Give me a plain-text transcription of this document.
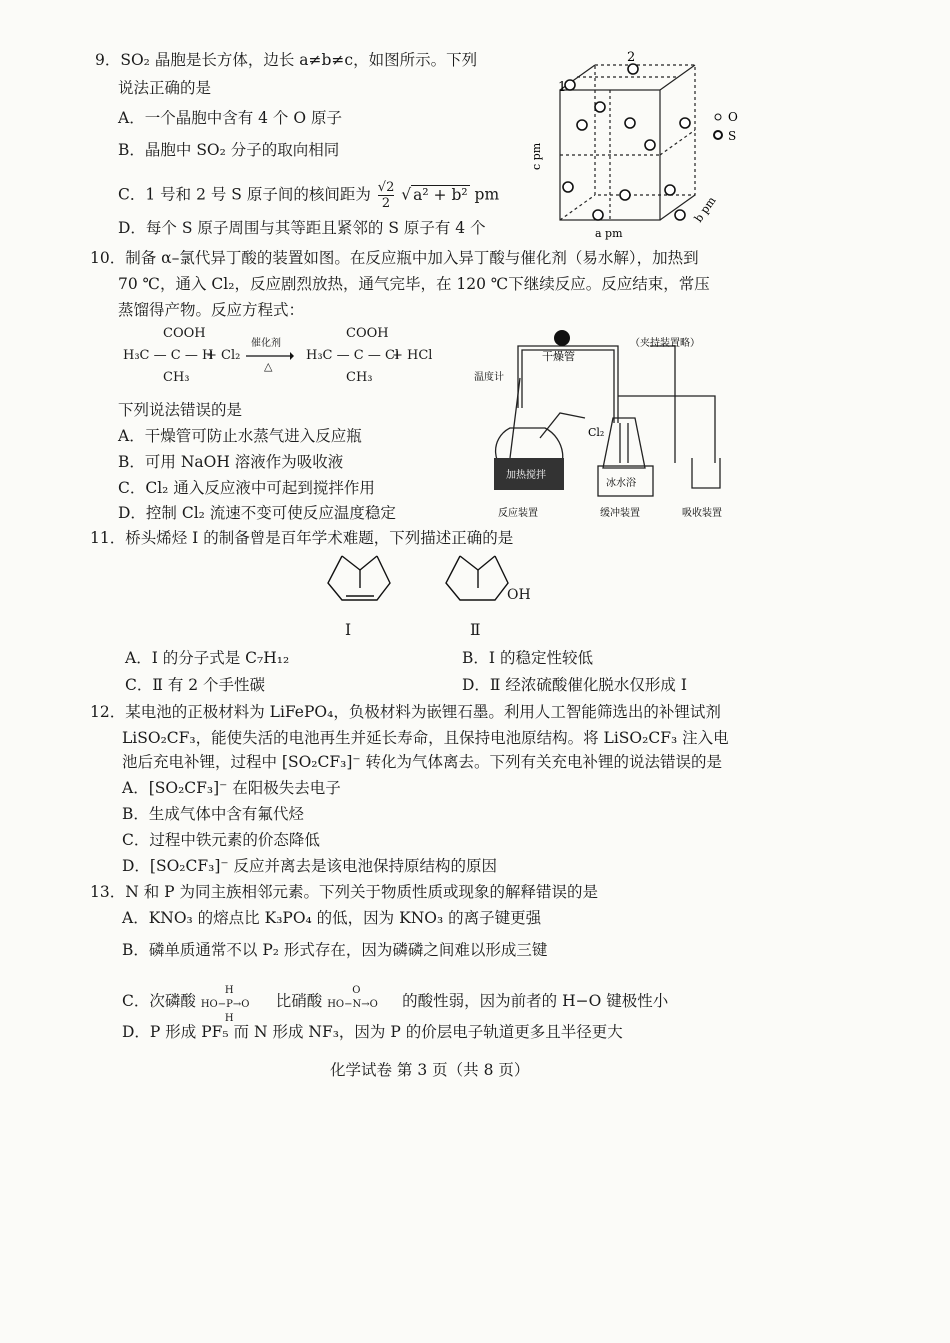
9．SO₂ 晶胞是长方体，边长 a≠b≠c，如图所示。下列
说法正确的是
A．一个晶胞中含有 4 个 O 原子
B．晶胞中 SO₂ 分子的取向相同
C．1 号和 2 号 S 原子间的核间距为 $\frac{√2}{2}$ √ a² + b² pm
D．每个 S 原子周围与其等距且紧邻的 S 原子有 4 个
1
2
c pm
b pm
a pm
O
S
10．制备 α–氯代异丁酸的装置如图。在反应瓶中加入异丁酸与催化剂（易水解），加热到
70 ℃，通入 Cl₂，反应剧烈放热，通气完毕，在 120 ℃下继续反应。反应结束，常压
蒸馏得产物。反应方程式：
COOH
H₃C — C — H
CH₃
+ Cl₂
催化剂
△
COOH
H₃C — C — Cl
CH₃
+ HCl
下列说法错误的是
A．干燥管可防止水蒸气进入反应瓶
B．可用 NaOH 溶液作为吸收液
C．Cl₂ 通入反应液中可起到搅拌作用
D．控制 Cl₂ 流速不变可使反应温度稳定
加热搅拌
冰水浴
干燥管
（夹持装置略）
温度计
Cl₂
反应装置	缓冲装置	吸收装置
11．桥头烯烃 Ⅰ 的制备曾是百年学术难题，下列描述正确的是
OH
Ⅰ	Ⅱ
A．Ⅰ 的分子式是 C₇H₁₂	B．Ⅰ 的稳定性较低
C．Ⅱ 有 2 个手性碳	D．Ⅱ 经浓硫酸催化脱水仅形成 Ⅰ
12．某电池的正极材料为 LiFePO₄，负极材料为嵌锂石墨。利用人工智能筛选出的补锂试剂
LiSO₂CF₃，能使失活的电池再生并延长寿命，且保持电池原结构。将 LiSO₂CF₃ 注入电
池后充电补锂，过程中 [SO₂CF₃]⁻ 转化为气体离去。下列有关充电补锂的说法错误的是
A．[SO₂CF₃]⁻ 在阳极失去电子
B．生成气体中含有氟代烃
C．过程中铁元素的价态降低
D．[SO₂CF₃]⁻ 反应并离去是该电池保持原结构的原因
13．N 和 P 为同主族相邻元素。下列关于物质性质或现象的解释错误的是
A．KNO₃ 的熔点比 K₃PO₄ 的低，因为 KNO₃ 的离子键更强
B．磷单质通常不以 P₂ 形式存在，因为磷磷之间难以形成三键
C．次磷酸
H
HO−P→O
H
比硝酸
O
HO−N→O 的酸性弱，因为前者的 H−O 键极性小
D．P 形成 PF₅ 而 N 形成 NF₃，因为 P 的价层电子轨道更多且半径更大
化学试卷 第 3 页（共 8 页）
